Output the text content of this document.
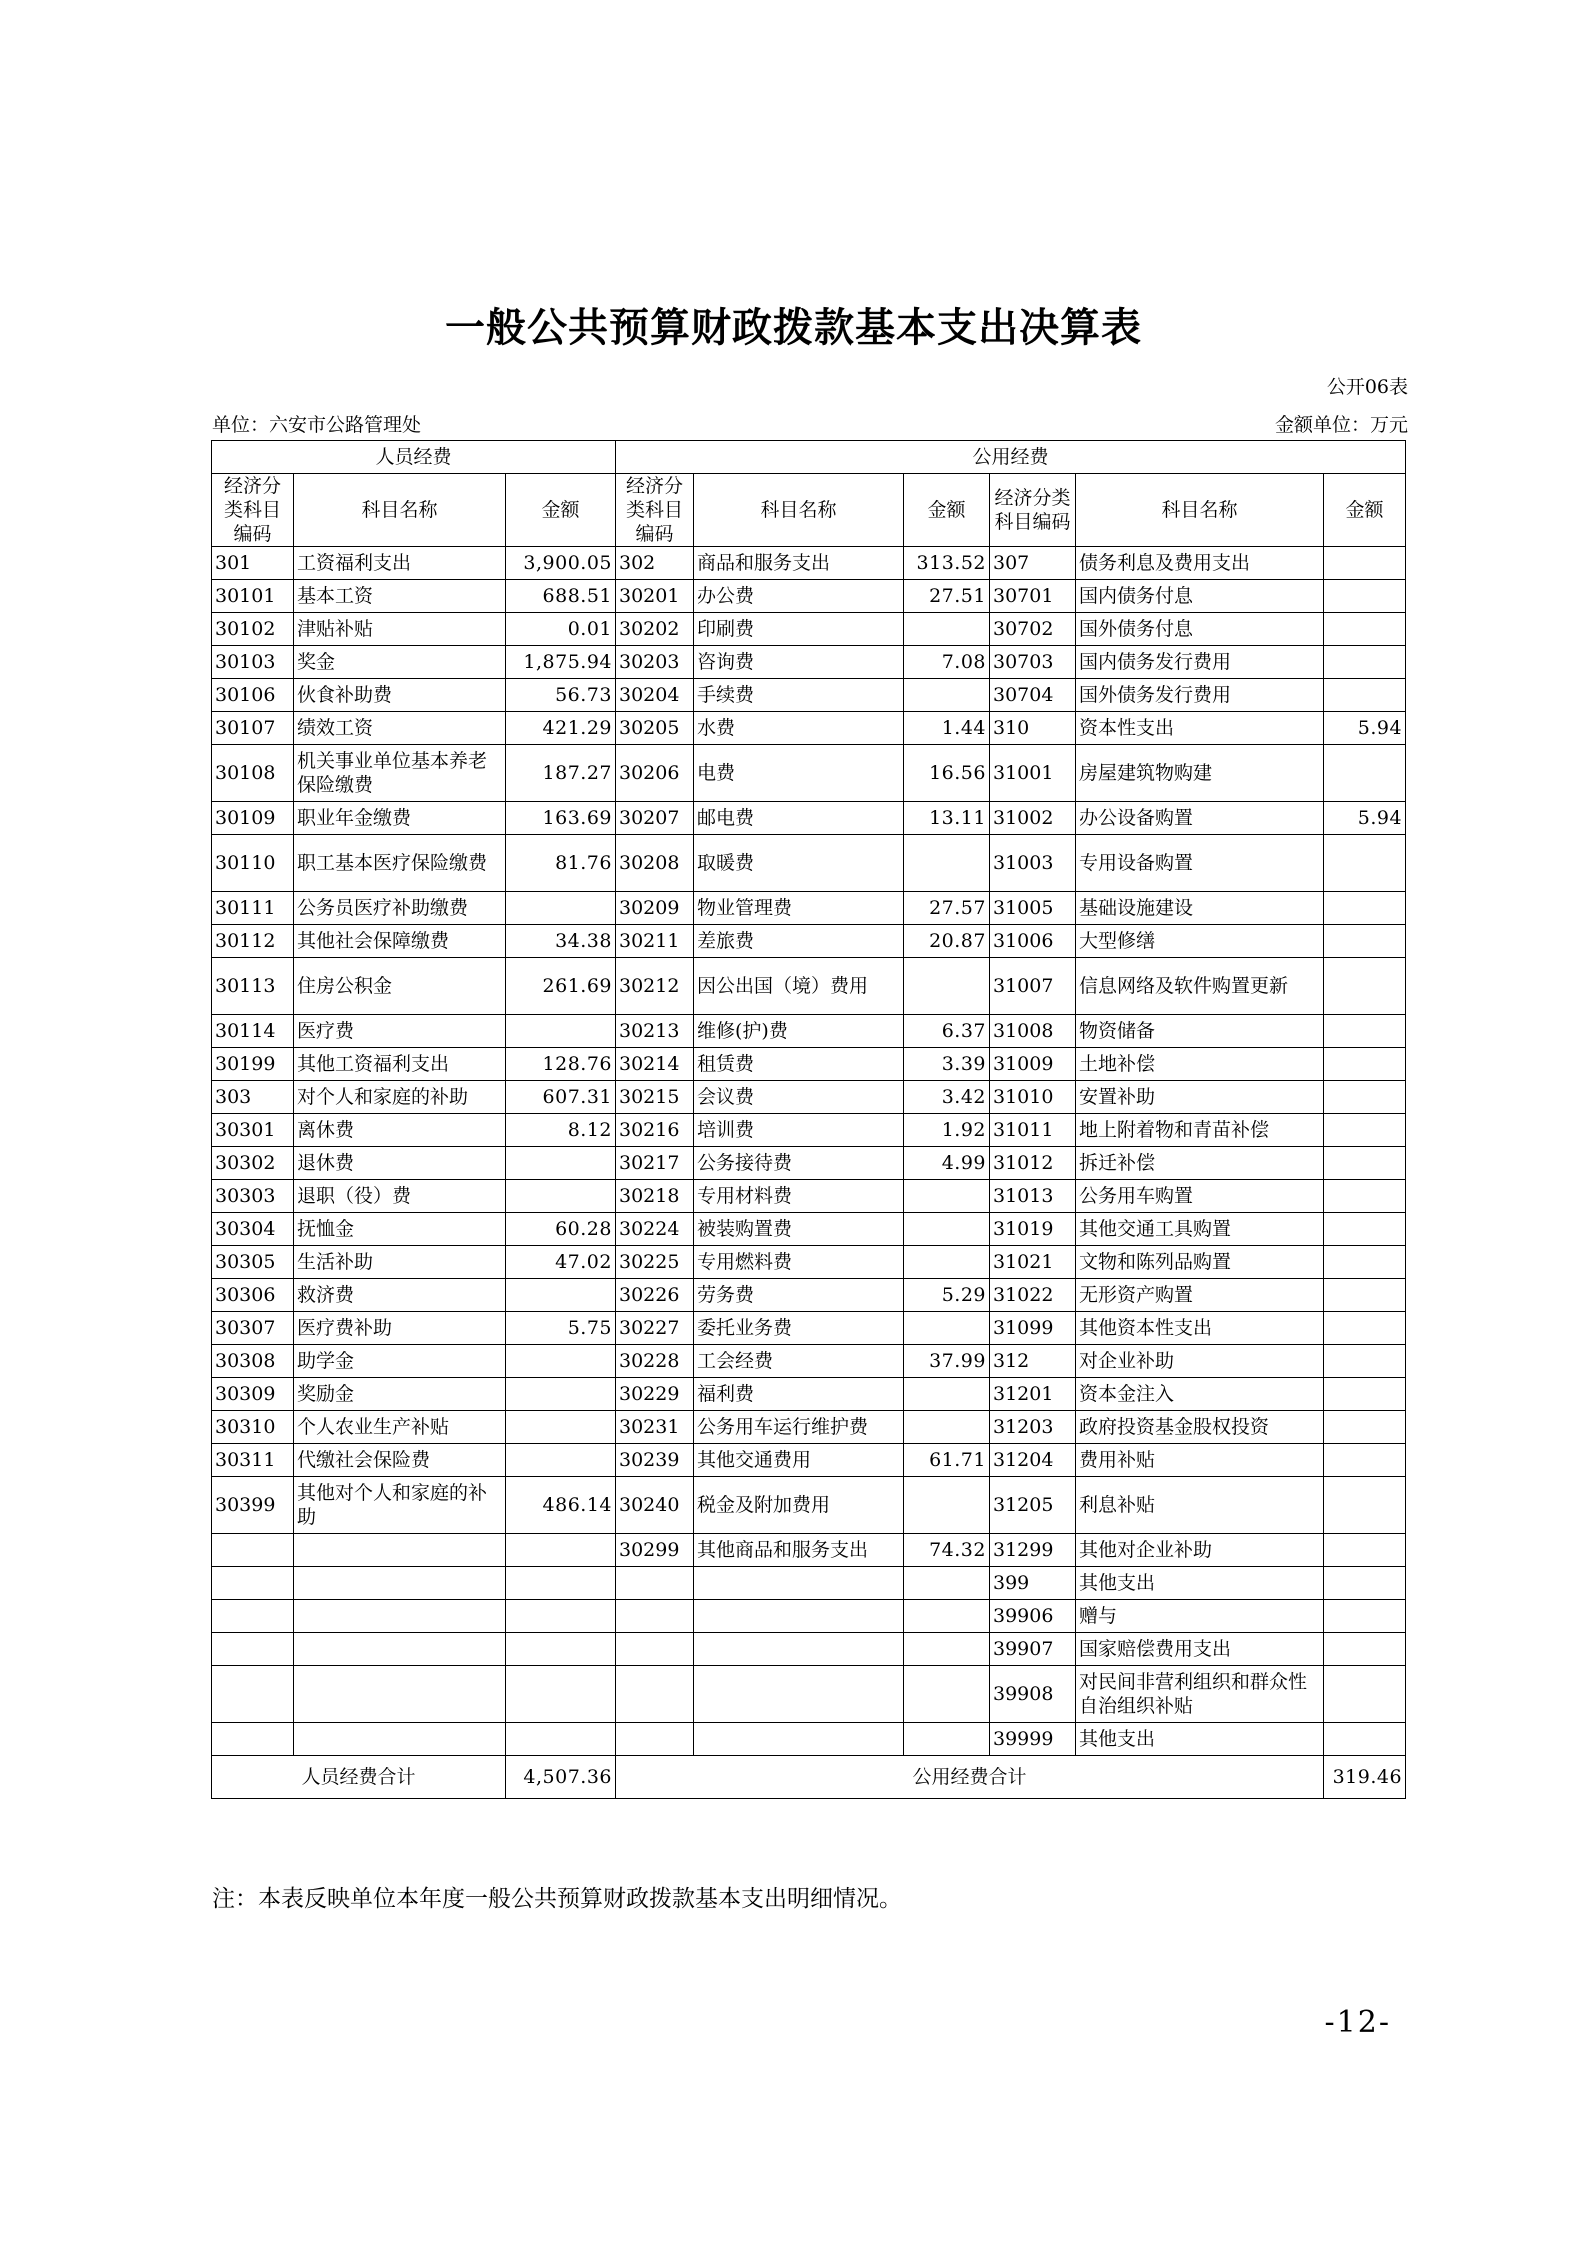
一般公共预算财政拨款基本支出决算表
公开06表
单位：六安市公路管理处	金额单位：万元
人员经费			公用经费					
经济分类科目编码	科目名称	金额	经济分类科目编码	科目名称	金额	经济分类科目编码	科目名称	金额
301	工资福利支出	3,900.05	302	商品和服务支出	313.52	307	债务利息及费用支出	
30101	基本工资	688.51	30201	办公费	27.51	30701	国内债务付息	
30102	津贴补贴	0.01	30202	印刷费		30702	国外债务付息	
30103	奖金	1,875.94	30203	咨询费	7.08	30703	国内债务发行费用	
30106	伙食补助费	56.73	30204	手续费		30704	国外债务发行费用	
30107	绩效工资	421.29	30205	水费	1.44	310	资本性支出	5.94
30108	机关事业单位基本养老保险缴费	187.27	30206	电费	16.56	31001	房屋建筑物购建	
30109	职业年金缴费	163.69	30207	邮电费	13.11	31002	办公设备购置	5.94
30110	职工基本医疗保险缴费	81.76	30208	取暖费		31003	专用设备购置	
30111	公务员医疗补助缴费		30209	物业管理费	27.57	31005	基础设施建设	
30112	其他社会保障缴费	34.38	30211	差旅费	20.87	31006	大型修缮	
30113	住房公积金	261.69	30212	因公出国（境）费用		31007	信息网络及软件购置更新	
30114	医疗费		30213	维修(护)费	6.37	31008	物资储备	
30199	其他工资福利支出	128.76	30214	租赁费	3.39	31009	土地补偿	
303	对个人和家庭的补助	607.31	30215	会议费	3.42	31010	安置补助	
30301	离休费	8.12	30216	培训费	1.92	31011	地上附着物和青苗补偿	
30302	退休费		30217	公务接待费	4.99	31012	拆迁补偿	
30303	退职（役）费		30218	专用材料费		31013	公务用车购置	
30304	抚恤金	60.28	30224	被装购置费		31019	其他交通工具购置	
30305	生活补助	47.02	30225	专用燃料费		31021	文物和陈列品购置	
30306	救济费		30226	劳务费	5.29	31022	无形资产购置	
30307	医疗费补助	5.75	30227	委托业务费		31099	其他资本性支出	
30308	助学金		30228	工会经费	37.99	312	对企业补助	
30309	奖励金		30229	福利费		31201	资本金注入	
30310	个人农业生产补贴		30231	公务用车运行维护费		31203	政府投资基金股权投资	
30311	代缴社会保险费		30239	其他交通费用	61.71	31204	费用补贴	
30399	其他对个人和家庭的补助	486.14	30240	税金及附加费用		31205	利息补贴	
			30299	其他商品和服务支出	74.32	31299	其他对企业补助	
						399	其他支出	
						39906	赠与	
						39907	国家赔偿费用支出	
						39908	对民间非营利组织和群众性自治组织补贴	
						39999	其他支出	
人员经费合计		4,507.36	公用经费合计					319.46
注：本表反映单位本年度一般公共预算财政拨款基本支出明细情况。
-12-
